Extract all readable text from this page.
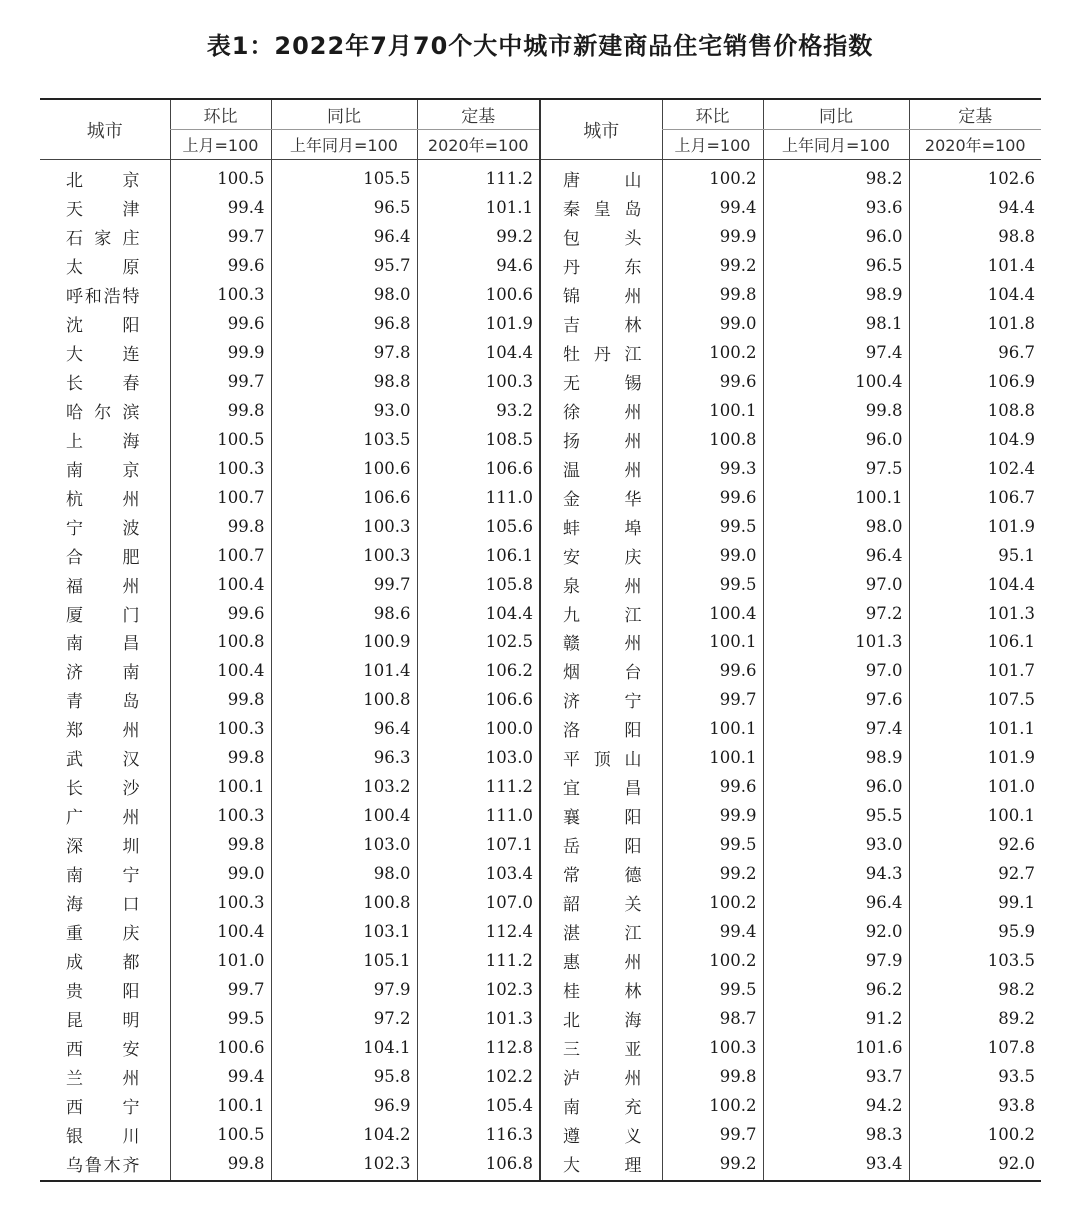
表1：2022年7月70个大中城市新建商品住宅销售价格指数
城市	环比	同比	定基	城市	环比	同比	定基
	上月=100	上年同月=100	2020年=100		上月=100	上年同月=100	2020年=100
北京	100.5	105.5	111.2	唐山	100.2	98.2	102.6
天津	99.4	96.5	101.1	秦皇岛	99.4	93.6	94.4
石家庄	99.7	96.4	99.2	包头	99.9	96.0	98.8
太原	99.6	95.7	94.6	丹东	99.2	96.5	101.4
呼和浩特	100.3	98.0	100.6	锦州	99.8	98.9	104.4
沈阳	99.6	96.8	101.9	吉林	99.0	98.1	101.8
大连	99.9	97.8	104.4	牡丹江	100.2	97.4	96.7
长春	99.7	98.8	100.3	无锡	99.6	100.4	106.9
哈尔滨	99.8	93.0	93.2	徐州	100.1	99.8	108.8
上海	100.5	103.5	108.5	扬州	100.8	96.0	104.9
南京	100.3	100.6	106.6	温州	99.3	97.5	102.4
杭州	100.7	106.6	111.0	金华	99.6	100.1	106.7
宁波	99.8	100.3	105.6	蚌埠	99.5	98.0	101.9
合肥	100.7	100.3	106.1	安庆	99.0	96.4	95.1
福州	100.4	99.7	105.8	泉州	99.5	97.0	104.4
厦门	99.6	98.6	104.4	九江	100.4	97.2	101.3
南昌	100.8	100.9	102.5	赣州	100.1	101.3	106.1
济南	100.4	101.4	106.2	烟台	99.6	97.0	101.7
青岛	99.8	100.8	106.6	济宁	99.7	97.6	107.5
郑州	100.3	96.4	100.0	洛阳	100.1	97.4	101.1
武汉	99.8	96.3	103.0	平顶山	100.1	98.9	101.9
长沙	100.1	103.2	111.2	宜昌	99.6	96.0	101.0
广州	100.3	100.4	111.0	襄阳	99.9	95.5	100.1
深圳	99.8	103.0	107.1	岳阳	99.5	93.0	92.6
南宁	99.0	98.0	103.4	常德	99.2	94.3	92.7
海口	100.3	100.8	107.0	韶关	100.2	96.4	99.1
重庆	100.4	103.1	112.4	湛江	99.4	92.0	95.9
成都	101.0	105.1	111.2	惠州	100.2	97.9	103.5
贵阳	99.7	97.9	102.3	桂林	99.5	96.2	98.2
昆明	99.5	97.2	101.3	北海	98.7	91.2	89.2
西安	100.6	104.1	112.8	三亚	100.3	101.6	107.8
兰州	99.4	95.8	102.2	泸州	99.8	93.7	93.5
西宁	100.1	96.9	105.4	南充	100.2	94.2	93.8
银川	100.5	104.2	116.3	遵义	99.7	98.3	100.2
乌鲁木齐	99.8	102.3	106.8	大理	99.2	93.4	92.0
